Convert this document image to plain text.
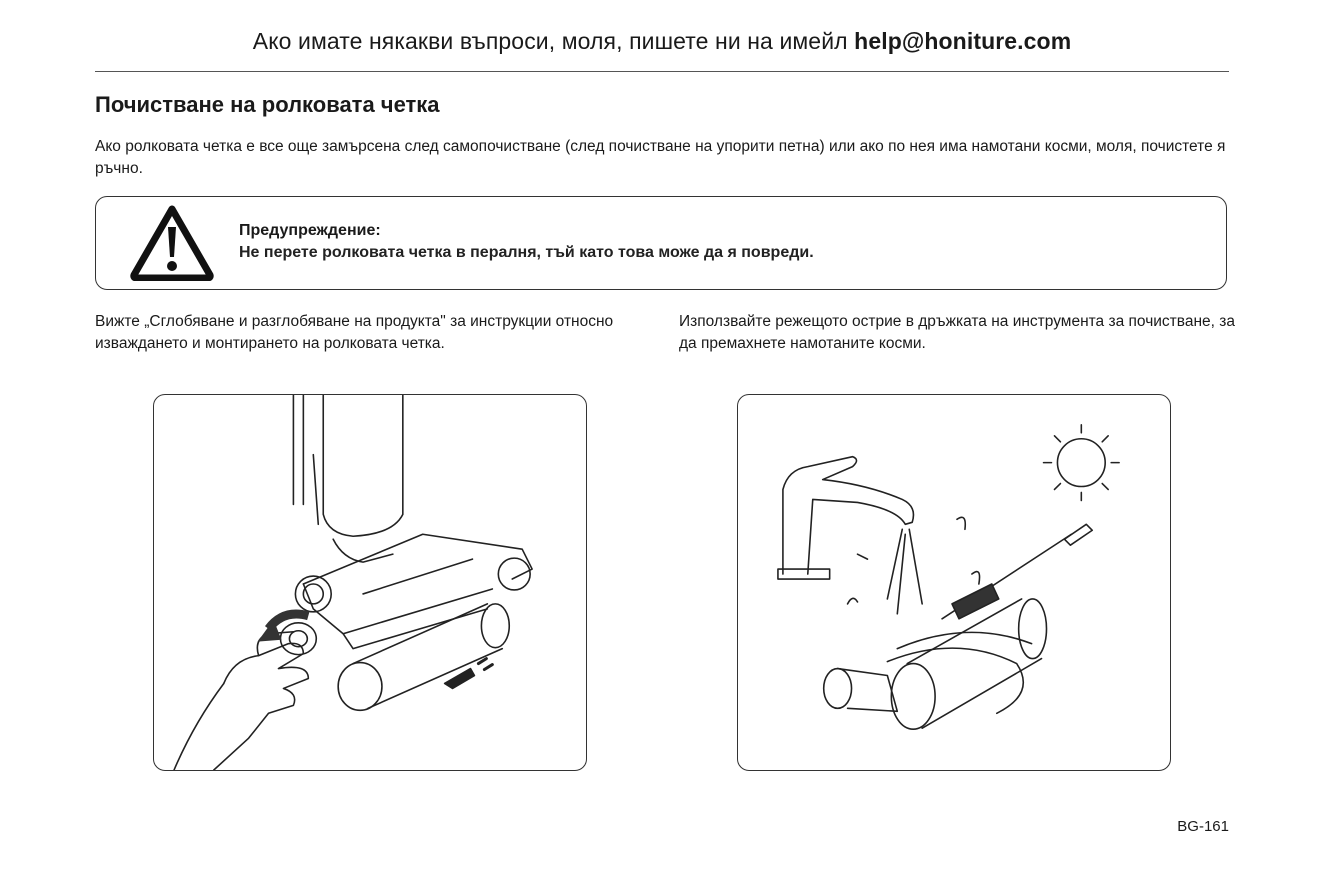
Ако имате някакви въпроси, моля, пишете ни на имейл help@honiture.com
Почистване на ролковата четка
Ако ролковата четка е все още замърсена след самопочистване (след почистване на упорити петна) или ако по нея има намотани косми, моля, почистете я ръчно.
Предупреждение:
Не перете ролковата четка в пералня, тъй като това може да я повреди.
Вижте „Сглобяване и разглобяване на продукта" за инструкции относно изваждането и монтирането на ролковата четка.
Използвайте режещото острие в дръжката на инструмента за почистване, за да премахнете намотаните косми.
BG-161
